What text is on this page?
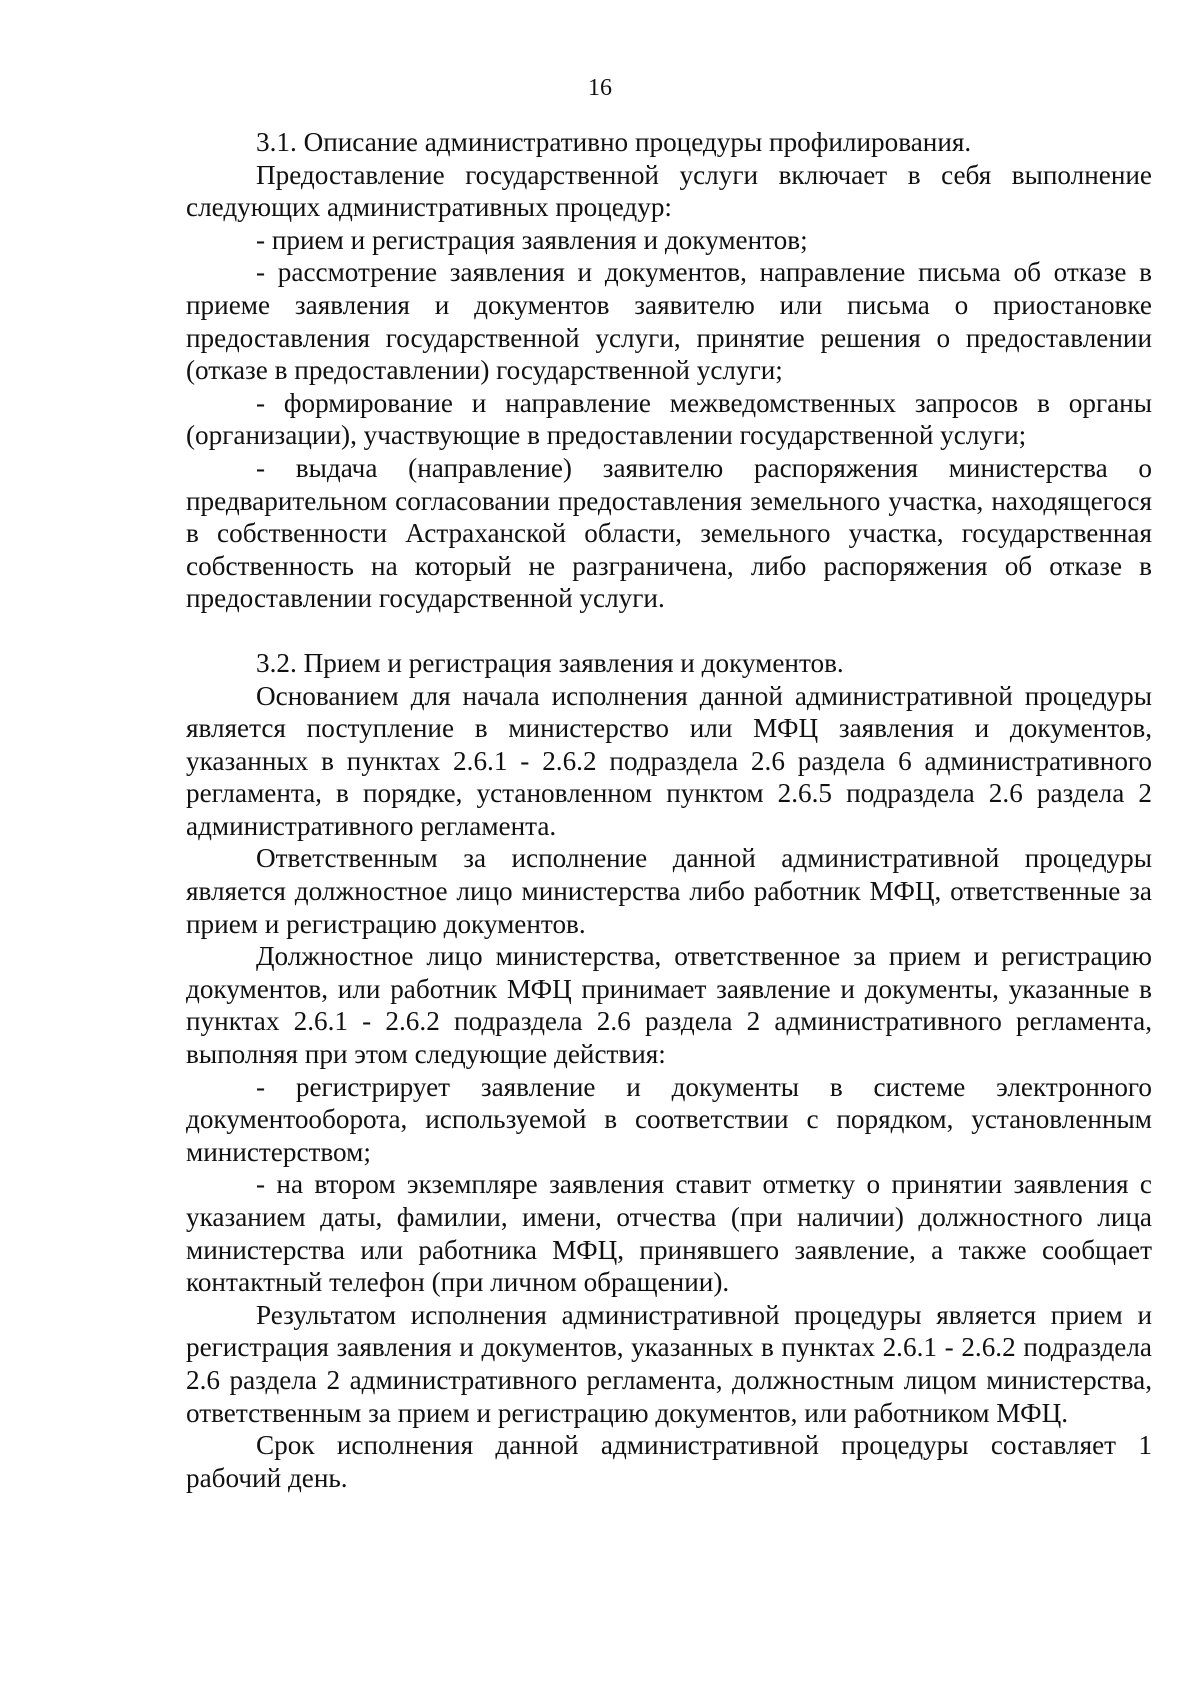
16

3.1. Описание административно процедуры профилирования.

Предоставление государственной услуги включает в себя выполнение следующих административных процедур:

- прием и регистрация заявления и документов;

- рассмотрение заявления и документов, направление письма об отказе в приеме заявления и документов заявителю или письма о приостановке предоставления государственной услуги, принятие решения о предоставлении (отказе в предоставлении) государственной услуги;

- формирование и направление межведомственных запросов в органы (организации), участвующие в предоставлении государственной услуги;

- выдача (направление) заявителю распоряжения министерства о предварительном согласовании предоставления земельного участка, находящегося в собственности Астраханской области, земельного участка, государственная собственность на который не разграничена, либо распоряжения об отказе в предоставлении государственной услуги.

3.2. Прием и регистрация заявления и документов.

Основанием для начала исполнения данной административной процедуры является поступление в министерство или МФЦ заявления и документов, указанных в пунктах 2.6.1 - 2.6.2 подраздела 2.6 раздела 6 административного регламента, в порядке, установленном пунктом 2.6.5 подраздела 2.6 раздела 2 административного регламента.

Ответственным за исполнение данной административной процедуры является должностное лицо министерства либо работник МФЦ, ответственные за прием и регистрацию документов.

Должностное лицо министерства, ответственное за прием и регистрацию документов, или работник МФЦ принимает заявление и документы, указанные в пунктах 2.6.1 - 2.6.2 подраздела 2.6 раздела 2 административного регламента, выполняя при этом следующие действия:

- регистрирует заявление и документы в системе электронного документооборота, используемой в соответствии с порядком, установленным министерством;

- на втором экземпляре заявления ставит отметку о принятии заявления с указанием даты, фамилии, имени, отчества (при наличии) должностного лица министерства или работника МФЦ, принявшего заявление, а также сообщает контактный телефон (при личном обращении).

Результатом исполнения административной процедуры является прием и регистрация заявления и документов, указанных в пунктах 2.6.1 - 2.6.2 подраздела 2.6 раздела 2 административного регламента, должностным лицом министерства, ответственным за прием и регистрацию документов, или работником МФЦ.

Срок исполнения данной административной процедуры составляет 1 рабочий день.
